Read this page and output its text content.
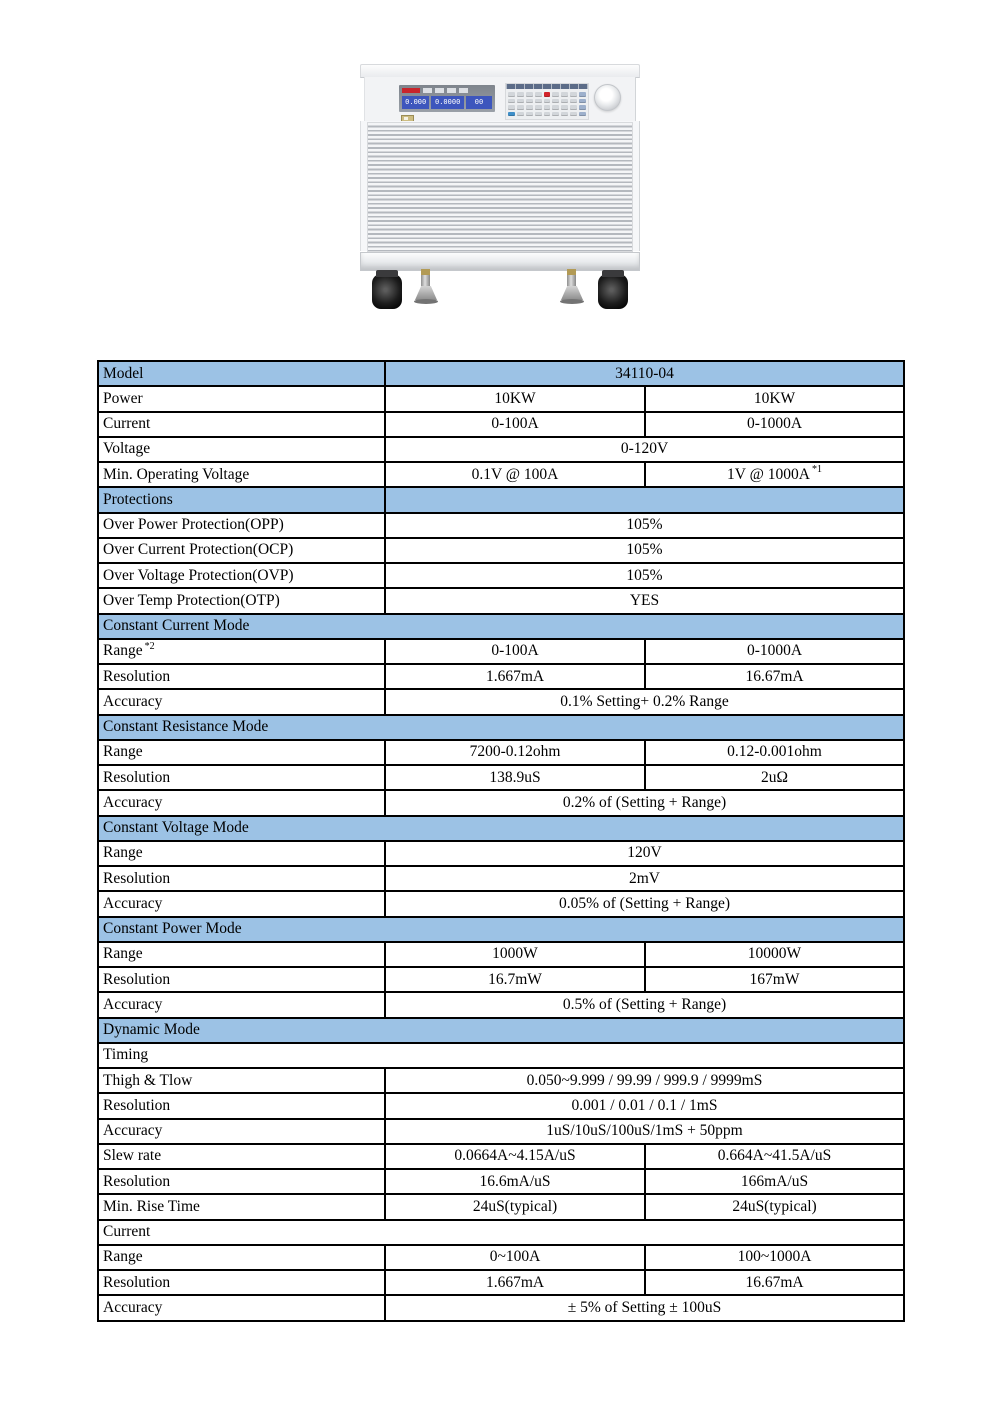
0.000	0.0000	00
Model	34110-04	
Power	10KW	10KW
Current	0-100A	0-1000A
Voltage	0-120V	
Min. Operating Voltage	0.1V @ 100A	1V @ 1000A $^{*1}$
Protections		
Over Power Protection(OPP)	105%	
Over Current Protection(OCP)	105%	
Over Voltage Protection(OVP)	105%	
Over Temp Protection(OTP)	YES	
Constant Current Mode		
Range $^{*2}$	0-100A	0-1000A
Resolution	1.667mA	16.67mA
Accuracy	0.1% Setting+ 0.2% Range	
Constant Resistance Mode		
Range	7200-0.12ohm	0.12-0.001ohm
Resolution	138.9uS	2uΩ
Accuracy	0.2% of (Setting + Range)	
Constant Voltage Mode		
Range	120V	
Resolution	2mV	
Accuracy	0.05% of (Setting + Range)	
Constant Power Mode		
Range	1000W	10000W
Resolution	16.7mW	167mW
Accuracy	0.5% of (Setting + Range)	
Dynamic Mode		
Timing		
Thigh & Tlow	0.050~9.999 / 99.99 / 999.9 / 9999mS	
Resolution	0.001 / 0.01 / 0.1 / 1mS	
Accuracy	1uS/10uS/100uS/1mS + 50ppm	
Slew rate	0.0664A~4.15A/uS	0.664A~41.5A/uS
Resolution	16.6mA/uS	166mA/uS
Min. Rise Time	24uS(typical)	24uS(typical)
Current		
Range	0~100A	100~1000A
Resolution	1.667mA	16.67mA
Accuracy	± 5% of Setting ± 100uS	
